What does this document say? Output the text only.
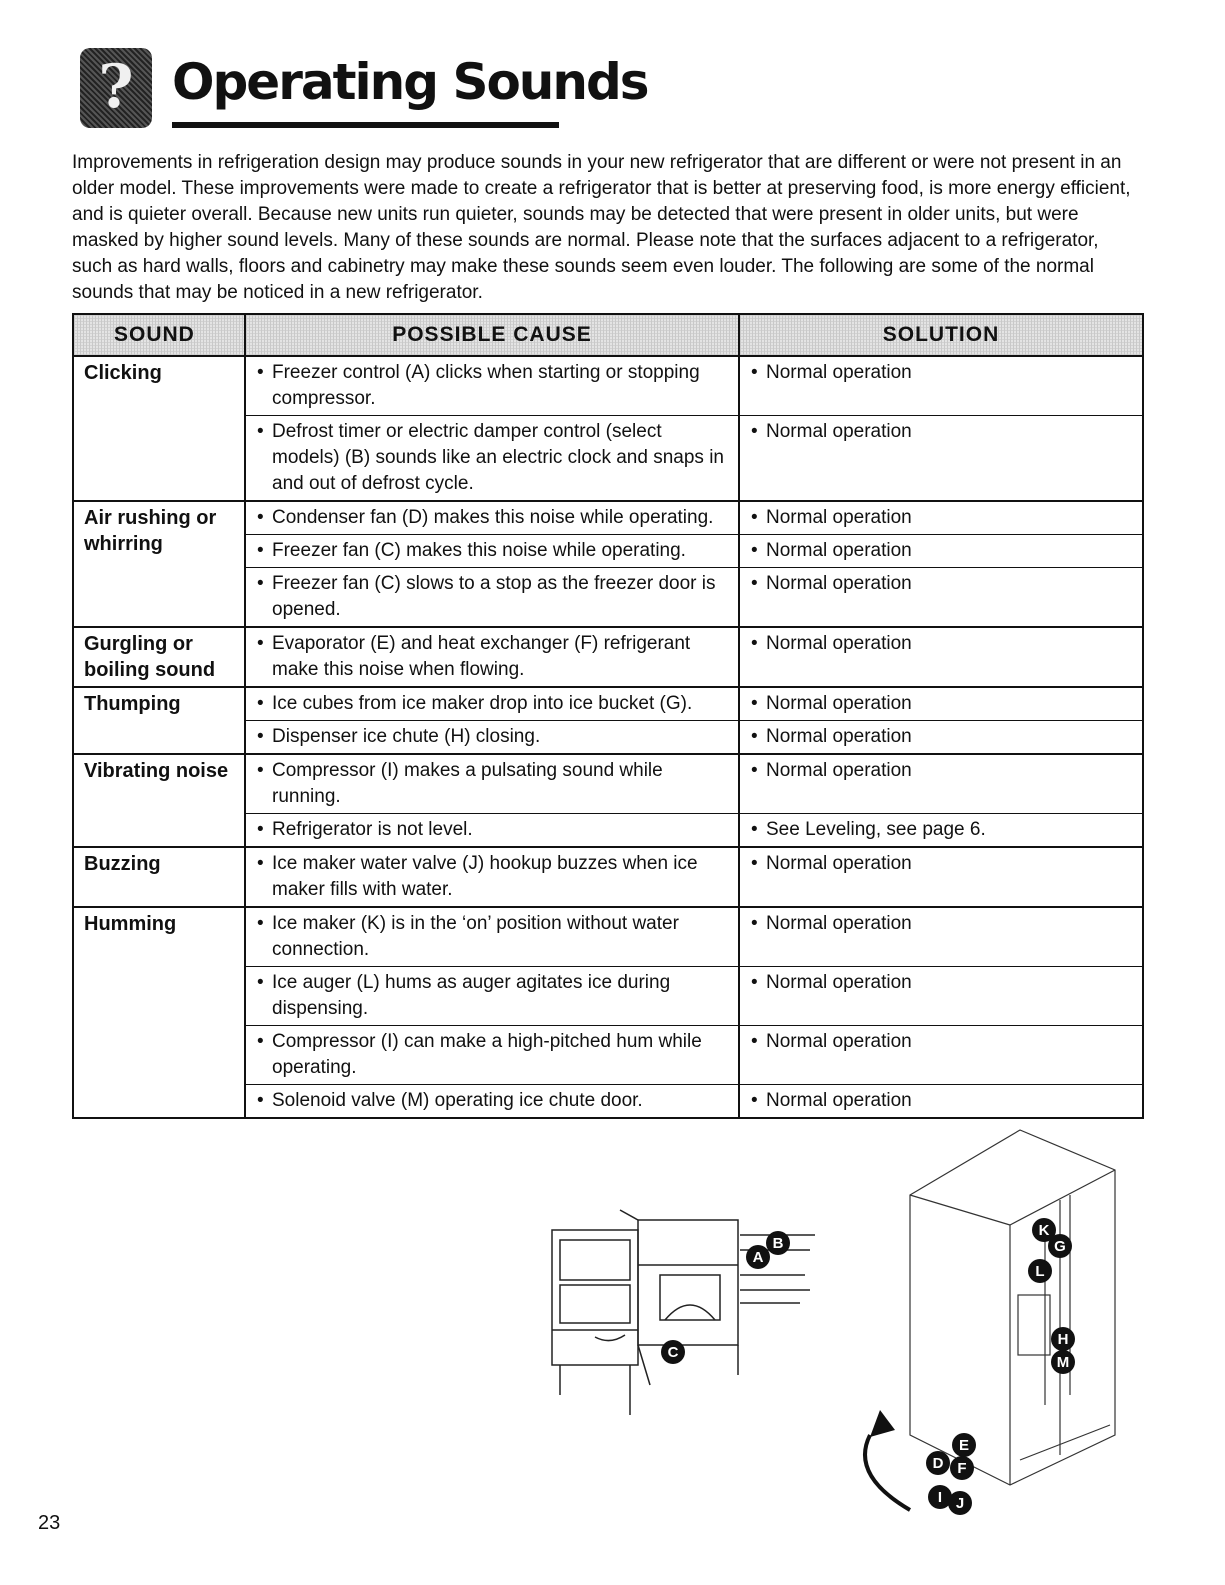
? Operating Sounds

Improvements in refrigeration design may produce sounds in your new refrigerator that are different or were not present in an older model. These improvements were made to create a refrigerator that is better at preserving food, is more energy efficient, and is quieter overall. Because new units run quieter, sounds may be detected that were present in older units, but were masked by higher sound levels. Many of these sounds are normal. Please note that the surfaces adjacent to a refrigerator, such as hard walls, floors and cabinetry may make these sounds seem even louder. The following are some of the normal sounds that may be noticed in a new refrigerator.

SOUND	POSSIBLE CAUSE	SOLUTION
Clicking	• Freezer control (A) clicks when starting or stopping compressor.	• Normal operation

	• Defrost timer or electric damper control (select models) (B) sounds like an electric clock and snaps in and out of defrost cycle.	• Normal operation

Air rushing or whirring	• Condenser fan (D) makes this noise while operating.	• Normal operation

	• Freezer fan (C) makes this noise while operating.	• Normal operation

	• Freezer fan (C) slows to a stop as the freezer door is opened.	• Normal operation

Gurgling or boiling sound	• Evaporator (E) and heat exchanger (F) refrigerant make this noise when flowing.	• Normal operation

Thumping	• Ice cubes from ice maker drop into ice bucket (G).	• Normal operation

	• Dispenser ice chute (H) closing.	• Normal operation

Vibrating noise	• Compressor (I) makes a pulsating sound while running.	• Normal operation

	• Refrigerator is not level.	• See Leveling, see page 6.

Buzzing	• Ice maker water valve (J) hookup buzzes when ice maker fills with water.	• Normal operation

Humming	• Ice maker (K) is in the ‘on’ position without water connection.	• Normal operation

	• Ice auger (L) hums as auger agitates ice during dispensing.	• Normal operation

	• Compressor (I) can make a high-pitched hum while operating.	• Normal operation

	• Solenoid valve (M) operating ice chute door.	• Normal operation
A
B
C
K
G
L
H
M
E
D F
I J
23
